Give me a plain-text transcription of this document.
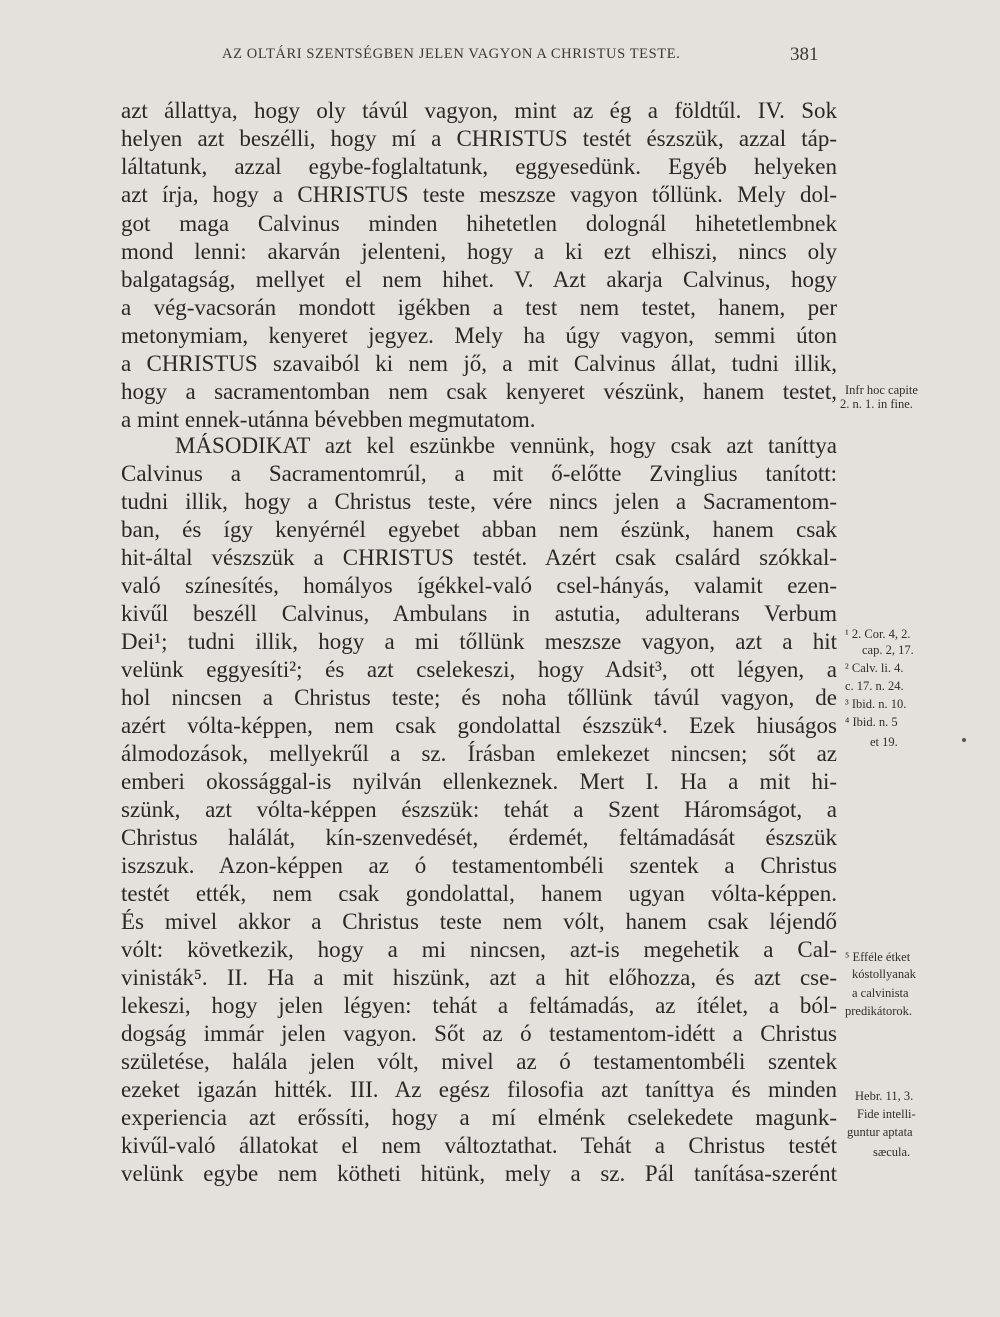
AZ OLTÁRI SZENTSÉGBEN JELEN VAGYON A CHRISTUS TESTE.	381
azt állattya, hogy oly távúl vagyon, mint az ég a földtűl. IV. Sok
helyen azt beszélli, hogy mí a CHRISTUS testét észszük, azzal táp-
láltatunk, azzal egybe-foglaltatunk, eggyesedünk. Egyéb helyeken
azt írja, hogy a CHRISTUS teste meszsze vagyon tőllünk. Mely dol-
got maga Calvinus minden hihetetlen dolognál hihetetlembnek
mond lenni: akarván jelenteni, hogy a ki ezt elhiszi, nincs oly
balgatagság, mellyet el nem hihet. V. Azt akarja Calvinus, hogy
a vég-vacsorán mondott igékben a test nem testet, hanem, per
metonymiam, kenyeret jegyez. Mely ha úgy vagyon, semmi úton
a CHRISTUS szavaiból ki nem jő, a mit Calvinus állat, tudni illik,
hogy a sacramentomban nem csak kenyeret vészünk, hanem testet,
a mint ennek-utánna bévebben megmutatom.
MÁSODIKAT azt kel eszünkbe vennünk, hogy csak azt taníttya
Calvinus a Sacramentomrúl, a mit ő-előtte Zvinglius tanított:
tudni illik, hogy a Christus teste, vére nincs jelen a Sacramentom-
ban, és így kenyérnél egyebet abban nem észünk, hanem csak
hit-által vészszük a CHRISTUS testét. Azért csak csalárd szókkal-
való színesítés, homályos ígékkel-való csel-hányás, valamit ezen-
kivűl beszéll Calvinus, Ambulans in astutia, adulterans Verbum
Dei¹; tudni illik, hogy a mi tőllünk meszsze vagyon, azt a hit
velünk eggyesíti²; és azt cselekeszi, hogy Adsit³, ott légyen, a
hol nincsen a Christus teste; és noha tőllünk távúl vagyon, de
azért vólta-képpen, nem csak gondolattal észszük⁴. Ezek hiuságos
álmodozások, mellyekrűl a sz. Írásban emlekezet nincsen; sőt az
emberi okossággal-is nyilván ellenkeznek. Mert I. Ha a mit hi-
szünk, azt vólta-képpen észszük: tehát a Szent Háromságot, a
Christus halálát, kín-szenvedését, érdemét, feltámadását észszük
iszszuk. Azon-képpen az ó testamentombéli szentek a Christus
testét ették, nem csak gondolattal, hanem ugyan vólta-képpen.
És mivel akkor a Christus teste nem vólt, hanem csak léjendő
vólt: következik, hogy a mi nincsen, azt-is megehetik a Cal-
vinisták⁵. II. Ha a mit hiszünk, azt a hit előhozza, és azt cse-
lekeszi, hogy jelen légyen: tehát a feltámadás, az ítélet, a ból-
dogság immár jelen vagyon. Sőt az ó testamentom-idétt a Christus
születése, halála jelen vólt, mivel az ó testamentombéli szentek
ezeket igazán hitték. III. Az egész filosofia azt taníttya és minden
experiencia azt erőssíti, hogy a mí elménk cselekedete magunk-
kivűl-való állatokat el nem változtathat. Tehát a Christus testét
velünk egybe nem kötheti hitünk, mely a sz. Pál tanítása-szerént
Infr hoc capite
2. n. 1. in fine.
¹ 2. Cor. 4, 2.
cap. 2, 17.
² Calv. li. 4.
c. 17. n. 24.
³ Ibid. n. 10.
⁴ Ibid. n. 5
et 19.
⁵ Efféle étket
kóstollyanak
a calvinista
predikátorok.
Hebr. 11, 3.
Fide intelli-
guntur aptata
sæcula.
